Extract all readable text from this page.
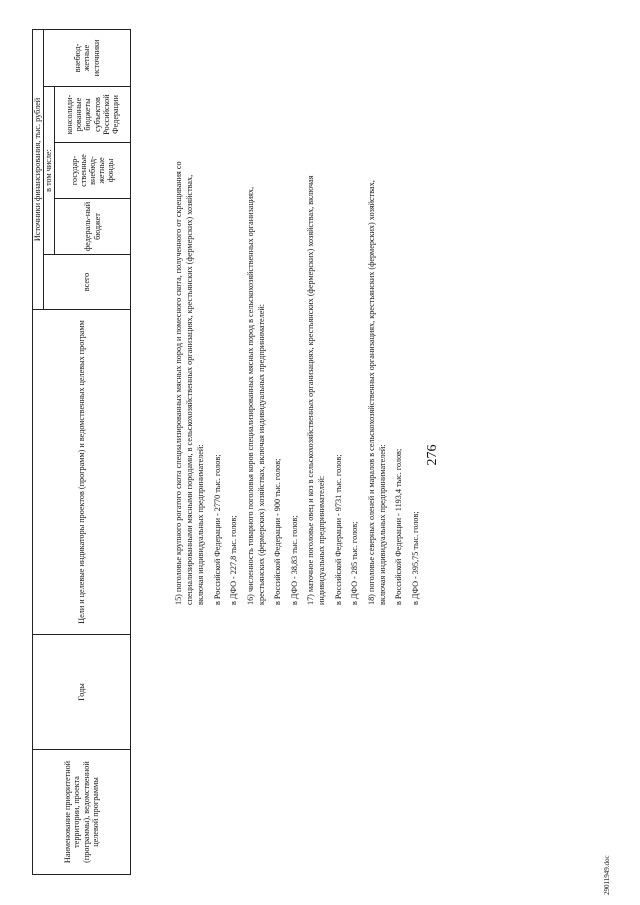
276
Наименование приоритетной территории, проекта (программы), ведомственной целевой программы	Годы	Цели и целевые индикаторы проектов (программ) и ведомственных целевых программ	Источники финансирования, тыс. рублей				
			всего	в том числе:			внебюд-жетные источники
				федераль-ный бюджет	государ-ственные внебюд-жетные фонды	консолиди-рованные бюджеты субъектов Российской Федерации	

15) поголовье крупного рогатого скота специализированных мясных пород и помесного скота, полученного от скрещивания со специализированными мясными породами, в сельскохозяйственных организациях, крестьянских (фермерских) хозяйствах, включая индивидуальных предпринимателей: в Российской Федерации - 2770 тыс. голов; в ДФО - 227,8 тыс. голов; 16) численность товарного поголовья коров специализированных мясных пород в сельскохозяйственных организациях, крестьянских (фермерских) хозяйствах, включая индивидуальных предпринимателей: в Российской Федерации - 900 тыс. голов; в ДФО - 38,83 тыс. голов; 17) маточное поголовье овец и коз в сельскохозяйственных организациях, крестьянских (фермерских) хозяйствах, включая индивидуальных предпринимателей: в Российской Федерации - 9731 тыс. голов; в ДФО - 285 тыс. голов; 18) поголовье северных оленей и маралов в сельскохозяйственных организациях, крестьянских (фермерских) хозяйствах, включая индивидуальных предпринимателей: в Российской Федерации - 1193,4 тыс. голов; в ДФО - 395,75 тыс. голов;

29011949.doc
